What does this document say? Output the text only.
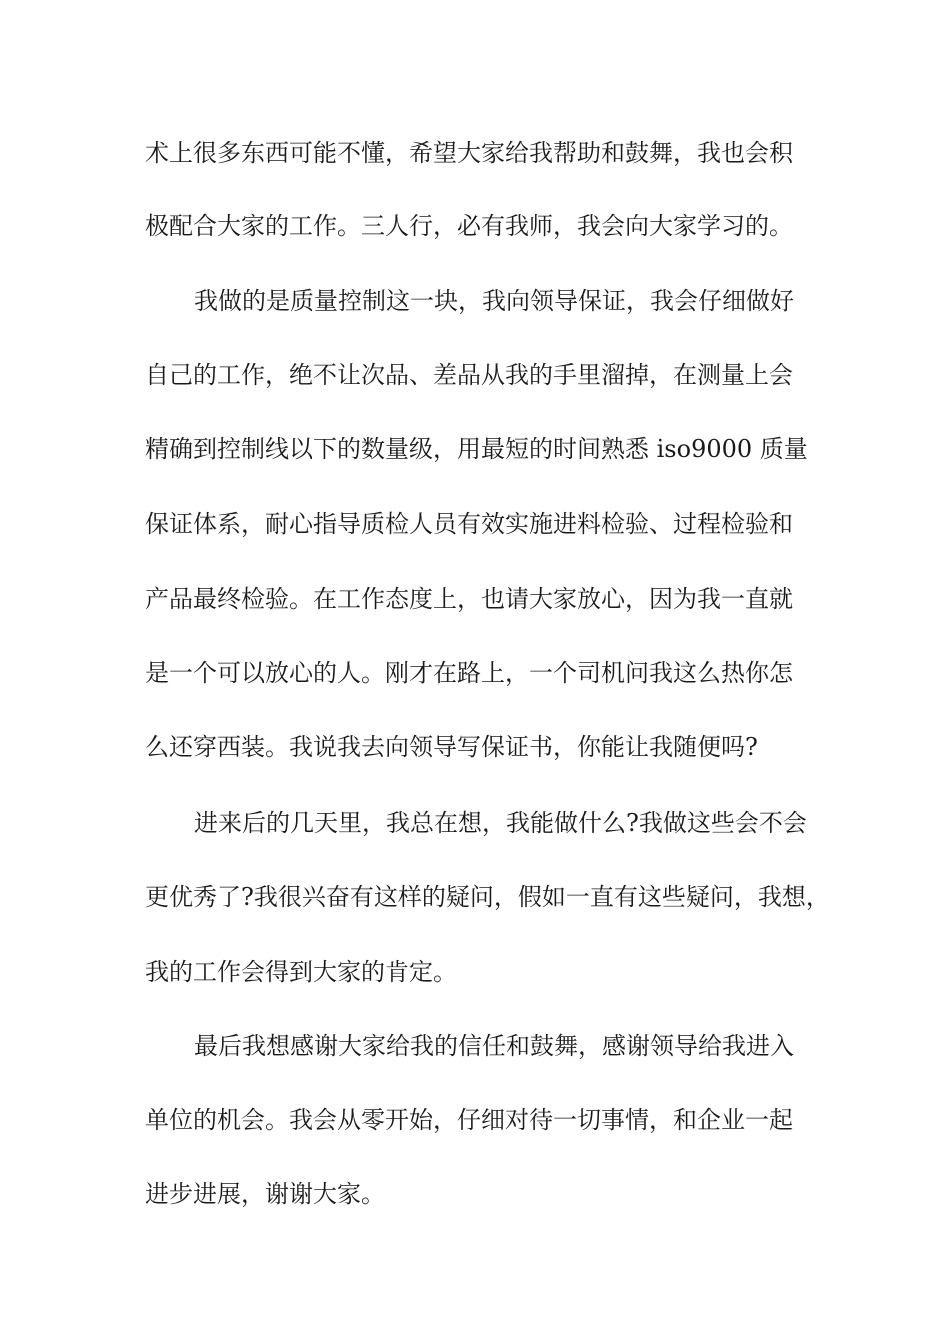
术上很多东西可能不懂，希望大家给我帮助和鼓舞，我也会积

极配合大家的工作。三人行，必有我师，我会向大家学习的。

我做的是质量控制这一块，我向领导保证，我会仔细做好

自己的工作，绝不让次品、差品从我的手里溜掉，在测量上会

精确到控制线以下的数量级，用最短的时间熟悉 iso9000 质量

保证体系，耐心指导质检人员有效实施进料检验、过程检验和

产品最终检验。在工作态度上，也请大家放心，因为我一直就

是一个可以放心的人。刚才在路上，一个司机问我这么热你怎

么还穿西装。我说我去向领导写保证书，你能让我随便吗?

进来后的几天里，我总在想，我能做什么?我做这些会不会

更优秀了?我很兴奋有这样的疑问，假如一直有这些疑问，我想，

我的工作会得到大家的肯定。

最后我想感谢大家给我的信任和鼓舞，感谢领导给我进入

单位的机会。我会从零开始，仔细对待一切事情，和企业一起

进步进展，谢谢大家。
